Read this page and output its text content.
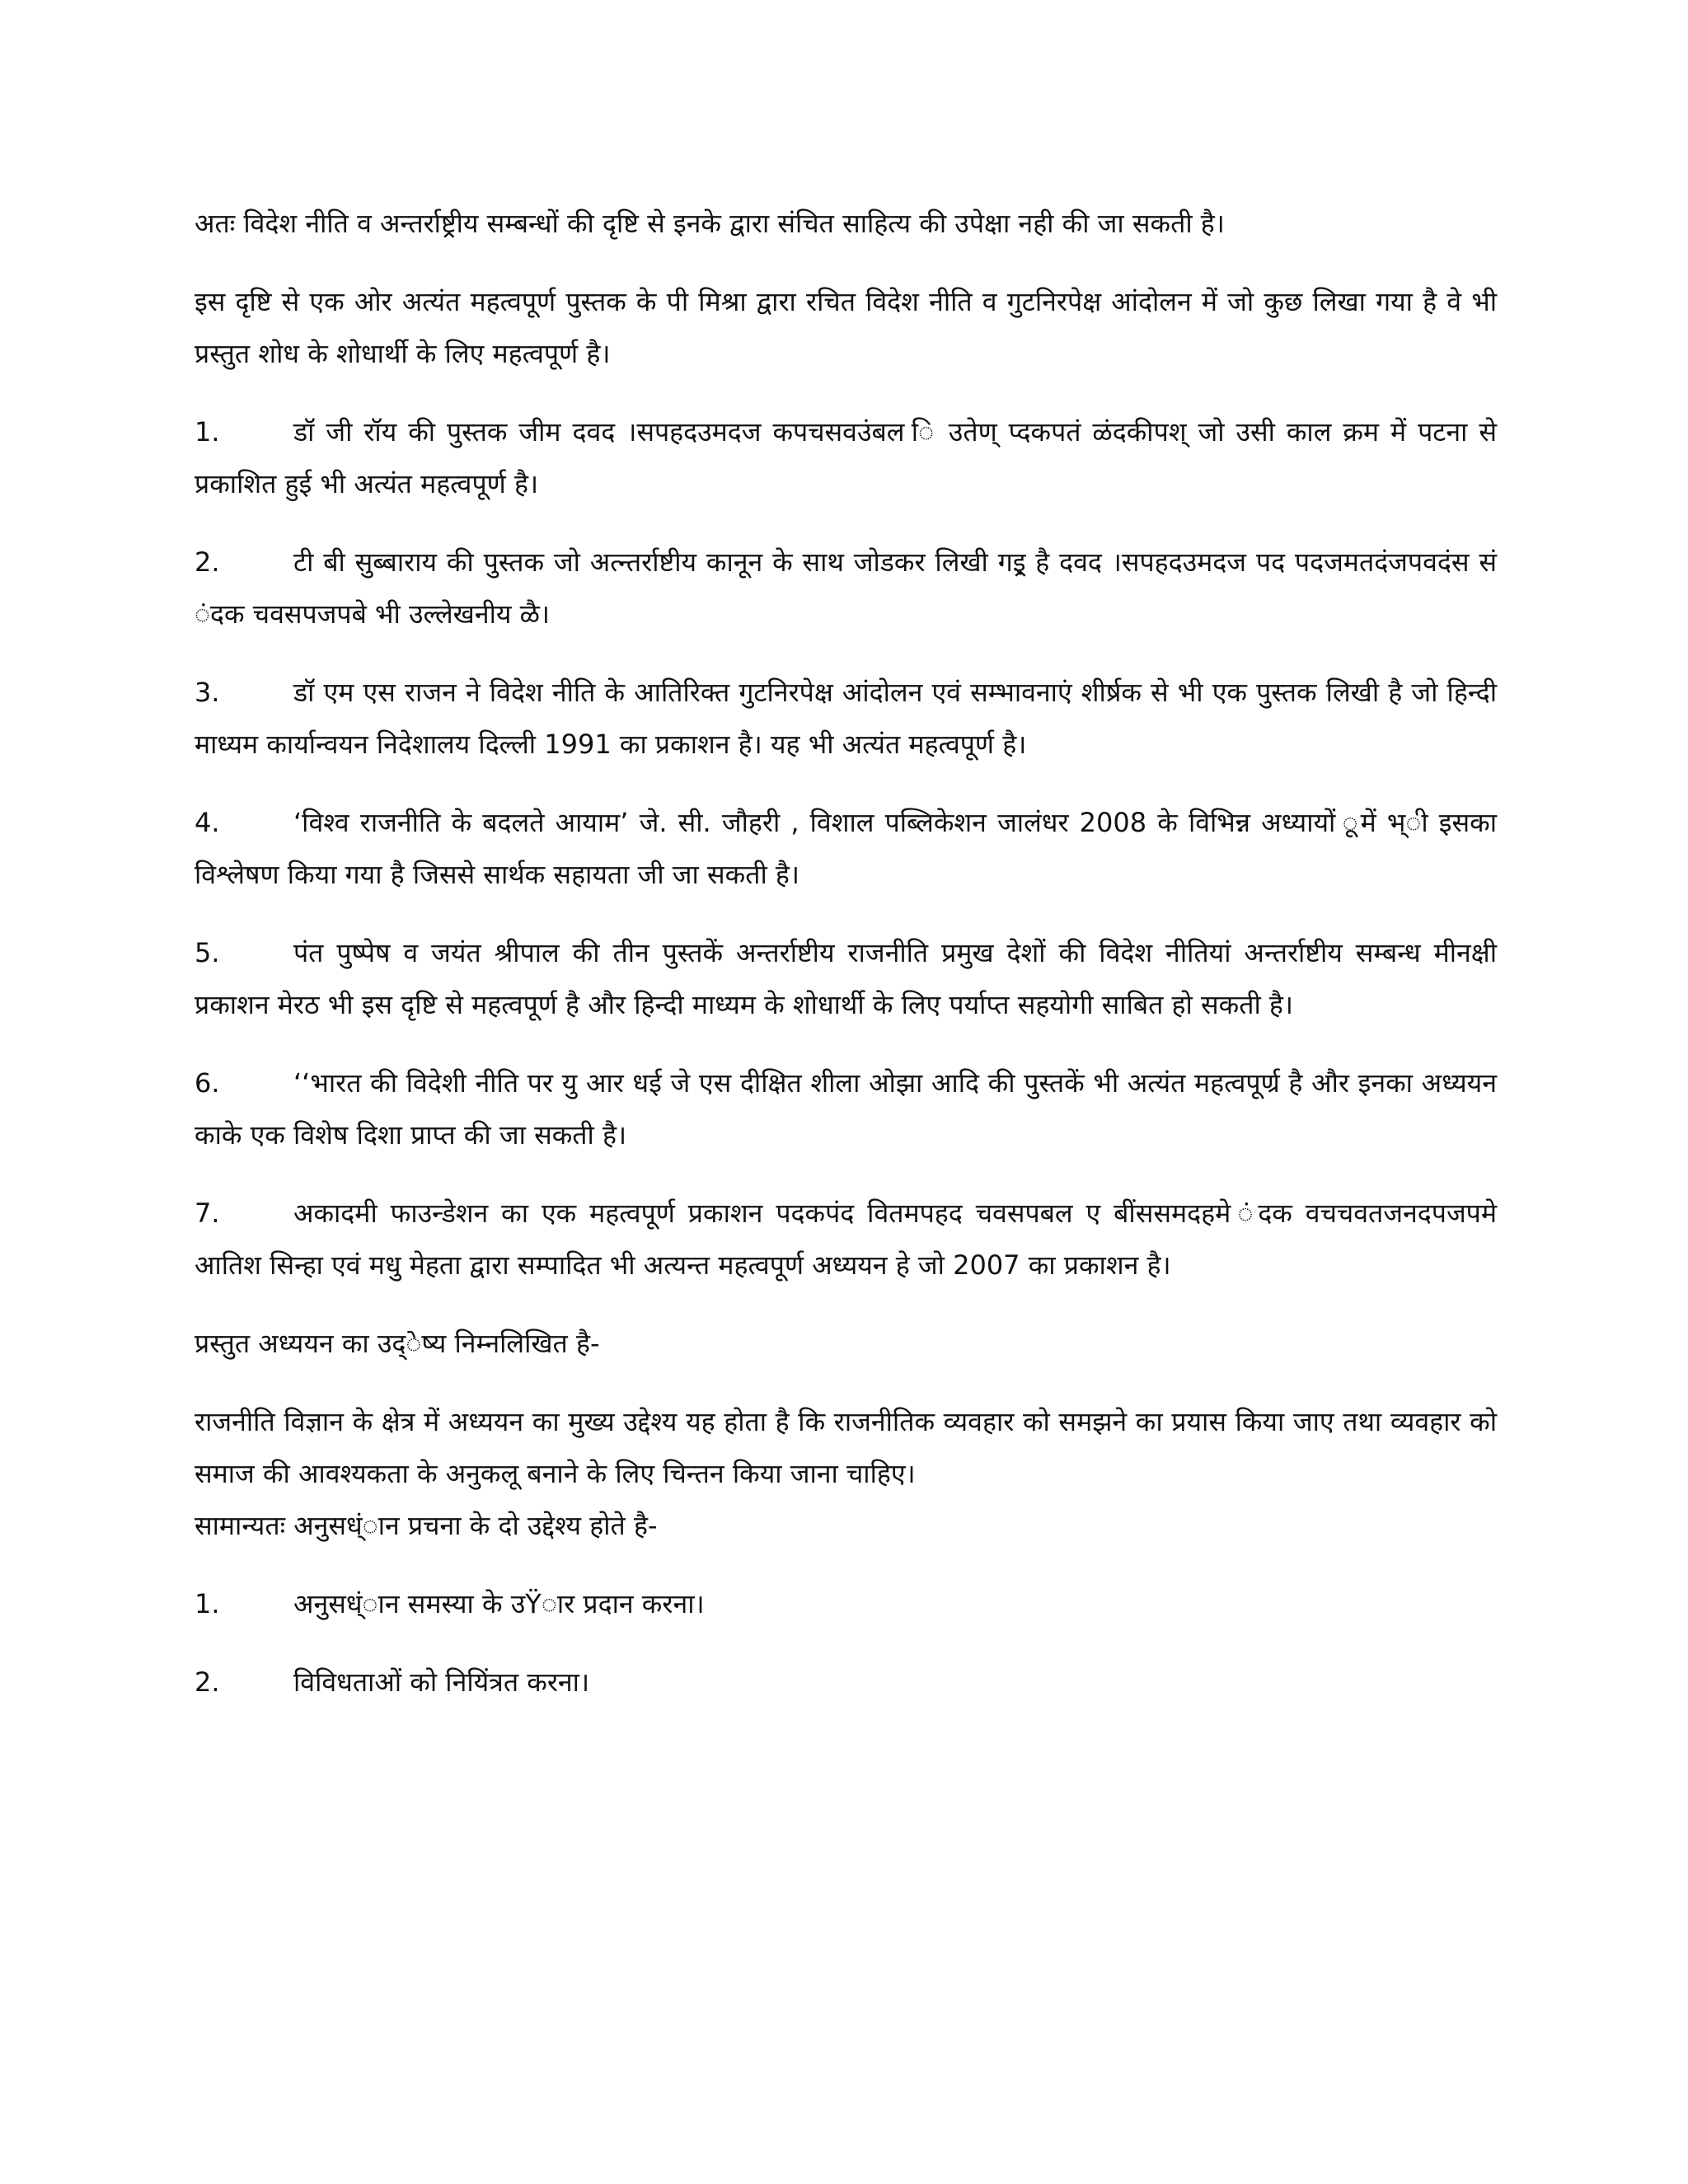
अतः विदेश नीति व अन्तर्राष्ट्रीय सम्बन्धों की दृष्टि से इनके द्वारा संचित साहित्य की उपेक्षा नही की जा सकती है।

इस दृष्टि से एक ओर अत्यंत महत्वपूर्ण पुस्तक के पी मिश्रा द्वारा रचित विदेश नीति व गुटनिरपेक्ष आंदोलन में जो कुछ लिखा गया है वे भी प्रस्तुत शोध के शोधार्थी के लिए महत्वपूर्ण है।

1.	डॉ जी रॉय की पुस्तक जीम दवद ।सपहदउमदज कपचसवउंबल ि उतेण् प्दकपतं ळंदकीपश् जो उसी काल क्रम में पटना से प्रकाशित हुई भी अत्यंत महत्वपूर्ण है।
2.	टी बी सुब्बाराय की पुस्तक जो अत्न्तर्राष्टीय कानून के साथ जोडकर लिखी गइ्र है दवद ।सपहदउमदज पद पदजमतदंजपवदंस सं ंदक चवसपजपबे भी उल्लेखनीय ळै।
3.	डॉ एम एस राजन ने विदेश नीति के आतिरिक्त गुटनिरपेक्ष आंदोलन एवं सम्भावनाएं शीर्ष्रक से भी एक पुस्तक लिखी है जो हिन्दी माध्यम कार्यान्वयन निदेशालय दिल्ली 1991 का प्रकाशन है। यह भी अत्यंत महत्वपूर्ण है।
4.	‘विश्व राजनीति के बदलते आयाम’ जे. सी. जौहरी , विशाल पब्लिकेशन जालंधर 2008 के विभिन्न अध्यायों ूमें भ्ी इसका विश्लेषण किया गया है जिससे सार्थक सहायता जी जा सकती है।
5.	पंत पुष्पेष व जयंत श्रीपाल की तीन पुस्तकें अन्तर्राष्टीय राजनीति प्रमुख देशों की विदेश नीतियां अन्तर्राष्टीय सम्बन्ध मीनक्षी प्रकाशन मेरठ भी इस दृष्टि से महत्वपूर्ण है और हिन्दी माध्यम के शोधार्थी के लिए पर्याप्त सहयोगी साबित हो सकती है।
6.	‘‘भारत की विदेशी नीति पर यु आर धई जे एस दीक्षित शीला ओझा आदि की पुस्तकें भी अत्यंत महत्वपूर्ण्र है और इनका अध्ययन काके एक विशेष दिशा प्राप्त की जा सकती है।
7.	अकादमी फाउन्डेशन का एक महत्वपूर्ण प्रकाशन पदकपंद वितमपहद चवसपबल ए बींससमदहमे ंदक वचचवतजनदपजपमे आतिश सिन्हा एवं मधु मेहता द्वारा सम्पादित भी अत्यन्त महत्वपूर्ण अध्ययन हे जो 2007 का प्रकाशन है।

प्रस्तुत अध्ययन का उद्ेष्य निम्नलिखित है-

राजनीति विज्ञान के क्षेत्र में अध्ययन का मुख्य उद्देश्य यह होता है कि राजनीतिक व्यवहार को समझने का प्रयास किया जाए तथा व्यवहार को समाज की आवश्यकता के अनुकलू बनाने के लिए चिन्तन किया जाना चाहिए।

सामान्यतः अनुसध्ंान प्रचना के दो उद्देश्य होते है-

1.	अनुसध्ंान समस्या के उŸार प्रदान करना।
2.	विविधताओं को नियिंत्रत करना।
